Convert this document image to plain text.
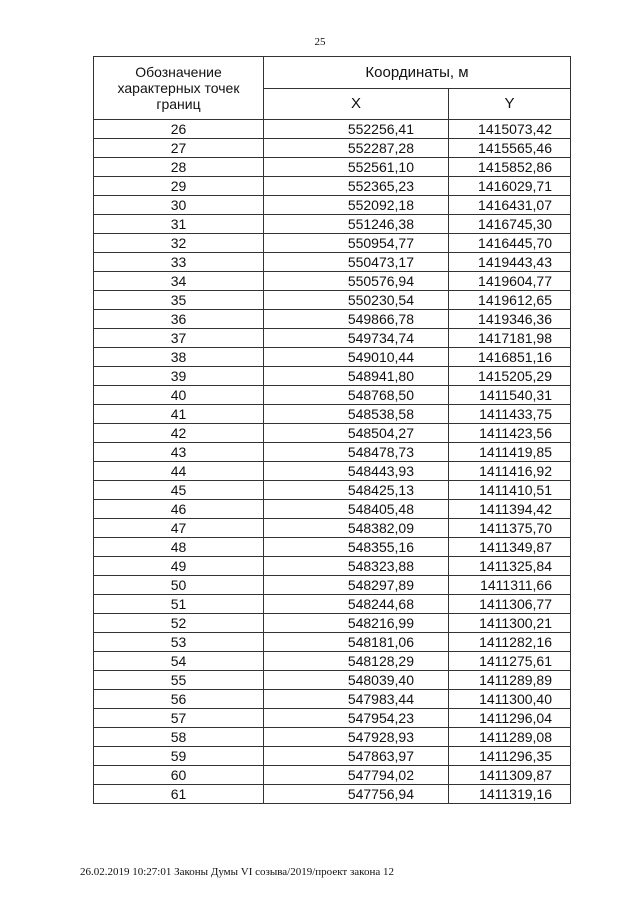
25
Обозначение характерных точек границ	Координаты, м	
	X	Y
26	552256,41	1415073,42
27	552287,28	1415565,46
28	552561,10	1415852,86
29	552365,23	1416029,71
30	552092,18	1416431,07
31	551246,38	1416745,30
32	550954,77	1416445,70
33	550473,17	1419443,43
34	550576,94	1419604,77
35	550230,54	1419612,65
36	549866,78	1419346,36
37	549734,74	1417181,98
38	549010,44	1416851,16
39	548941,80	1415205,29
40	548768,50	1411540,31
41	548538,58	1411433,75
42	548504,27	1411423,56
43	548478,73	1411419,85
44	548443,93	1411416,92
45	548425,13	1411410,51
46	548405,48	1411394,42
47	548382,09	1411375,70
48	548355,16	1411349,87
49	548323,88	1411325,84
50	548297,89	1411311,66
51	548244,68	1411306,77
52	548216,99	1411300,21
53	548181,06	1411282,16
54	548128,29	1411275,61
55	548039,40	1411289,89
56	547983,44	1411300,40
57	547954,23	1411296,04
58	547928,93	1411289,08
59	547863,97	1411296,35
60	547794,02	1411309,87
61	547756,94	1411319,16
26.02.2019 10:27:01 Законы Думы VI созыва/2019/проект закона 12
